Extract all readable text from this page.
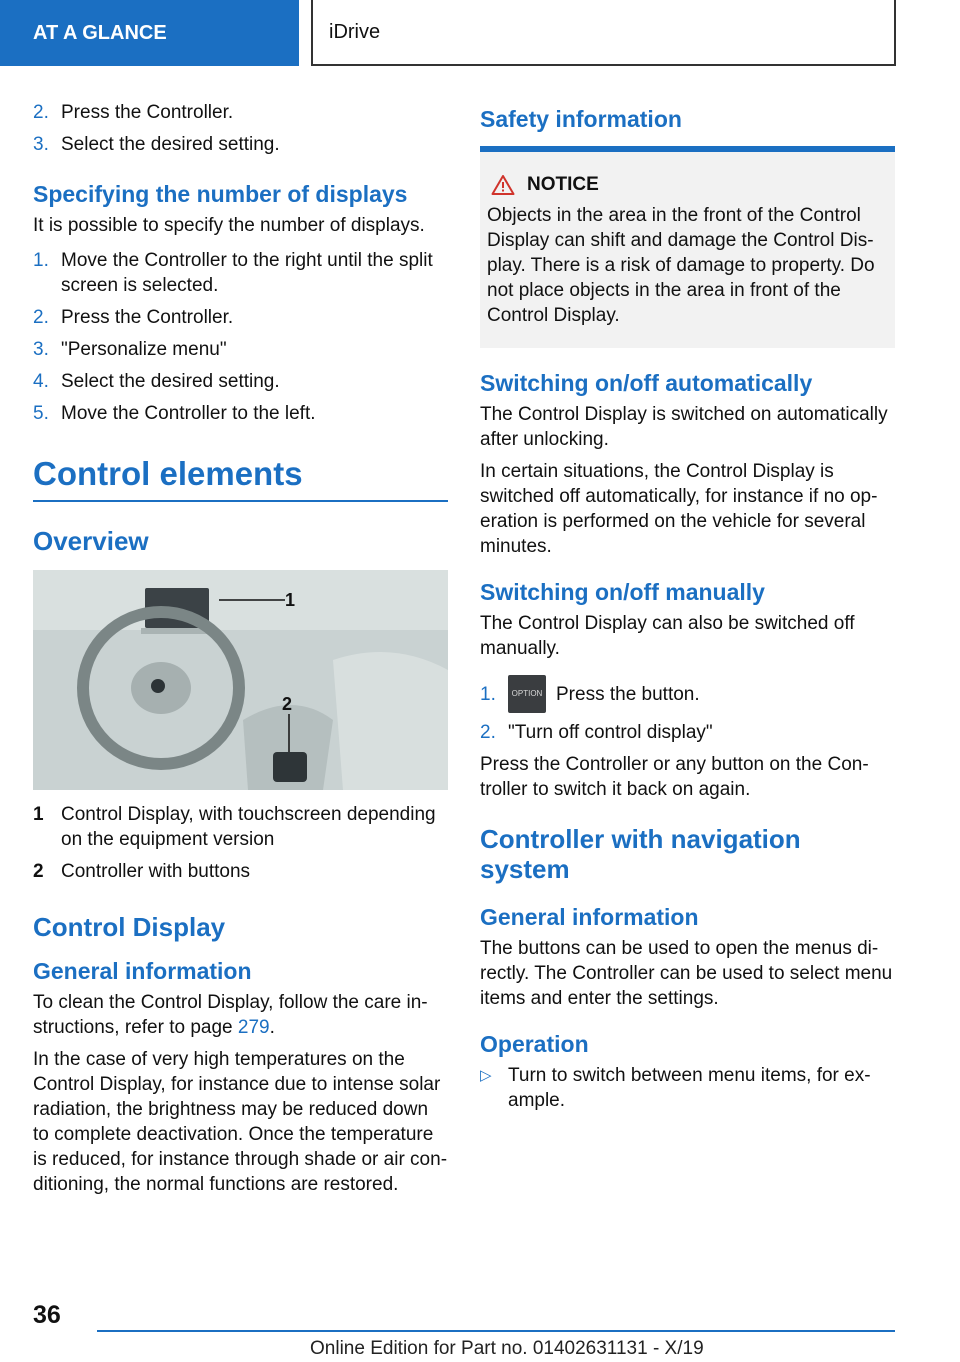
AT A GLANCE	iDrive
2. Press the Controller.
3. Select the desired setting.
Specifying the number of displays

It is possible to specify the number of displays.

1. Move the Controller to the right until the split screen is selected.
2. Press the Controller.
3. "Personalize menu"
4. Select the desired setting.
5. Move the Controller to the left.
Control elements
Overview
1
2
1 Control Display, with touchscreen depending on the equipment version
2 Controller with buttons
Control Display
General information

To clean the Control Display, follow the care instructions, refer to page 279.

In the case of very high temperatures on the Control Display, for instance due to intense solar radiation, the brightness may be reduced down to complete deactivation. Once the temperature is reduced, for instance through shade or air conditioning, the normal functions are restored.

Safety information
NOTICE

Objects in the area in the front of the Control Display can shift and damage the Control Display. There is a risk of damage to property. Do not place objects in the area in front of the Control Display.

Switching on/off automatically

The Control Display is switched on automatically after unlocking.

In certain situations, the Control Display is switched off automatically, for instance if no operation is performed on the vehicle for several minutes.

Switching on/off manually

The Control Display can also be switched off manually.

1.	OPTION Press the button.
2. "Turn off control display"

Press the Controller or any button on the Controller to switch it back on again.

Controller with navigation system
General information

The buttons can be used to open the menus directly. The Controller can be used to select menu items and enter the settings.

Operation
▷ Turn to switch between menu items, for example.
36
Online Edition for Part no. 01402631131 - X/19
